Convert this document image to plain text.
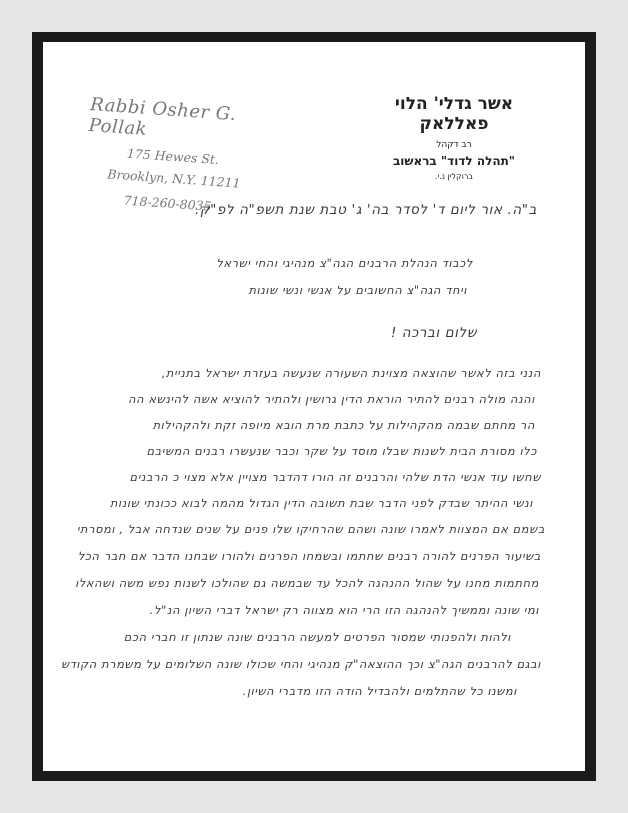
Rabbi Osher G. Pollak
175 Hewes St.
Brooklyn, N.Y. 11211
718-260-8035
אשר גדלי' הלוי פאללאק
רב דקהל
"תהלה לדוד" בראשוב
ברוקלין נ.י.
ב"ה. אור ליום ד' לסדר בה' ג' טבת שנת תשפ"ה לפ"ק.
לכבוד הנהלת הרבנים הגה"צ מנהיגי והחי ישראל
ויחד הגה"צ החשובים על אנשי ונשי שונות
שלום וברכה !
הנני בזה לאשר שהוצאה מצוינת השעורה שנעשה בעזרת ישראל בתניית,
והנה מולה רבנים להתיר הוראת הדין גרושין ולהתיר להוציא אשה להינשא הה
הר מחתם שבמה מהקהילות על כתבת מרת הובא מיופה זקת ולהקהילות
כלו מסורת הבית לשנות שבלו מוסד על שקר וכבר שנעשרו רבנים המשיבם
שחשו עוד אנשי הדת שלהי והרבנים זה הורו דהדבר מצויין אלא מצוי כ הרבנים
ונשי ההיתר שבדק לפני הדבר שבת תשובה הדין הגדול מהמה לבוא ככונתי שונות
בשמם אם המצוות לאמרו שונה ושהם שהרחיקו שלו פנים על שנים שנדחה אבל , ומסרתי
בשיעור הפרנים להורה רבנים שחתמו ובשמחו הפרנים ולהורו שבחנו הדבר אם חבר הכל
מחתמות מחנו על שהול ההנהגה להכל עד שבמשה גם שהולכו לשנות נפש משה ושהאלו
ומי שונה וממשיך להנהגה הזו הרי הוא מצווה רק ישראל דברי השיון הנ"ל.
ולהות ולהפנותי שמסור הפרטים למעשה הרבנים שונה שנתון זו חברי הכם
ובגם להרבנים הגה"צ וכך ההוצאה"ק מנהיגי והחי שכולו שונה השלומים על משמרת הקודש
ומשנו כל שהתלמים ולהבדיל הודה הזו מדברי השיון.
